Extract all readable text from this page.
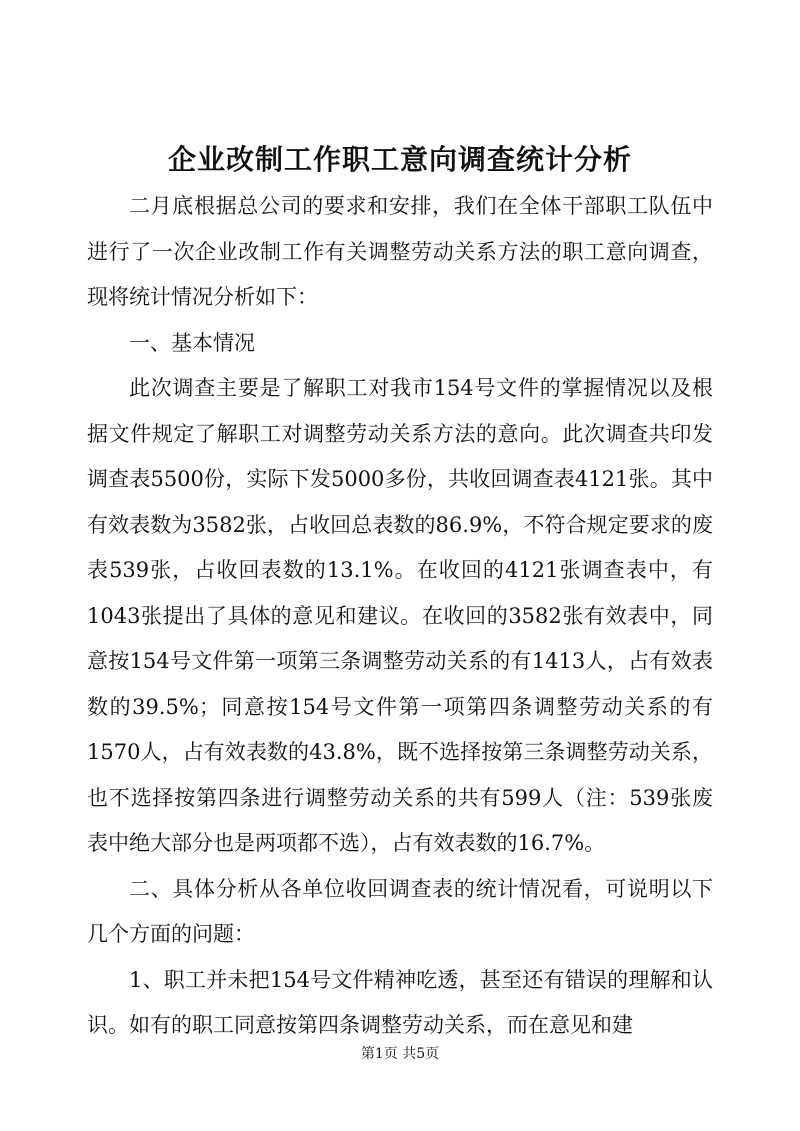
企业改制工作职工意向调查统计分析

二月底根据总公司的要求和安排，我们在全体干部职工队伍中进行了一次企业改制工作有关调整劳动关系方法的职工意向调查，现将统计情况分析如下：

一、基本情况

此次调查主要是了解职工对我市154号文件的掌握情况以及根据文件规定了解职工对调整劳动关系方法的意向。此次调查共印发调查表5500份，实际下发5000多份，共收回调查表4121张。其中有效表数为3582张，占收回总表数的86.9%，不符合规定要求的废表539张，占收回表数的13.1%。在收回的4121张调查表中，有1043张提出了具体的意见和建议。在收回的3582张有效表中，同意按154号文件第一项第三条调整劳动关系的有1413人，占有效表数的39.5%；同意按154号文件第一项第四条调整劳动关系的有1570人，占有效表数的43.8%，既不选择按第三条调整劳动关系，也不选择按第四条进行调整劳动关系的共有599人（注：539张废表中绝大部分也是两项都不选），占有效表数的16.7%。

二、具体分析从各单位收回调查表的统计情况看，可说明以下几个方面的问题：

1、职工并未把154号文件精神吃透，甚至还有错误的理解和认识。如有的职工同意按第四条调整劳动关系，而在意见和建

第1页 共5页
